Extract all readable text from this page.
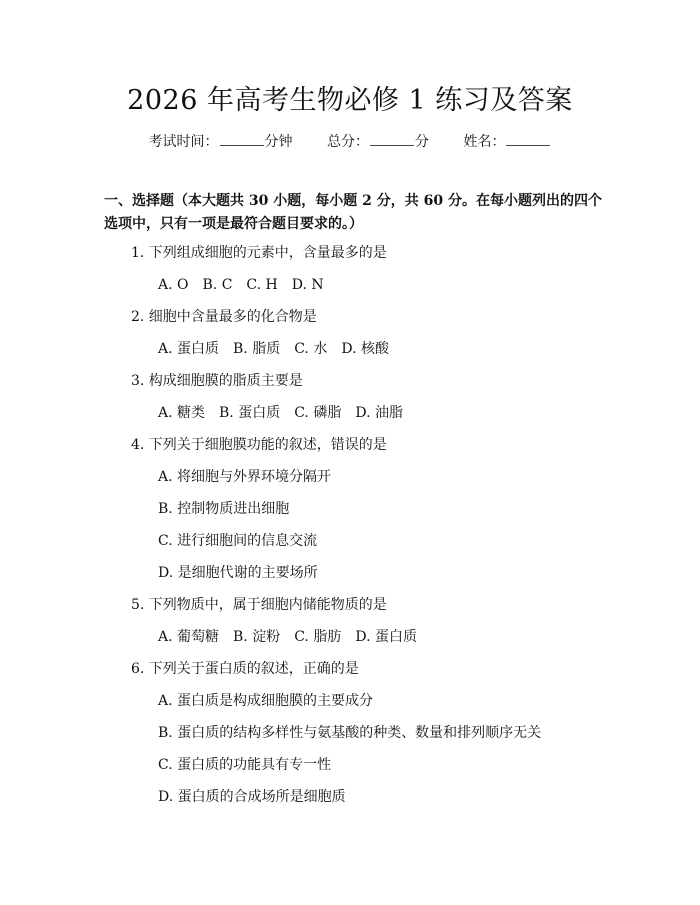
2026 年高考生物必修 1 练习及答案
考试时间：	分钟 总分：	分 姓名：
一、选择题（本大题共 30 小题，每小题 2 分，共 60 分。在每小题列出的四个选项中，只有一项是最符合题目要求的。）
1. 下列组成细胞的元素中，含量最多的是
A. O B. C C. H D. N
2. 细胞中含量最多的化合物是
A. 蛋白质 B. 脂质 C. 水 D. 核酸
3. 构成细胞膜的脂质主要是
A. 糖类 B. 蛋白质 C. 磷脂 D. 油脂
4. 下列关于细胞膜功能的叙述，错误的是
A. 将细胞与外界环境分隔开
B. 控制物质进出细胞
C. 进行细胞间的信息交流
D. 是细胞代谢的主要场所
5. 下列物质中，属于细胞内储能物质的是
A. 葡萄糖 B. 淀粉 C. 脂肪 D. 蛋白质
6. 下列关于蛋白质的叙述，正确的是
A. 蛋白质是构成细胞膜的主要成分
B. 蛋白质的结构多样性与氨基酸的种类、数量和排列顺序无关
C. 蛋白质的功能具有专一性
D. 蛋白质的合成场所是细胞质
